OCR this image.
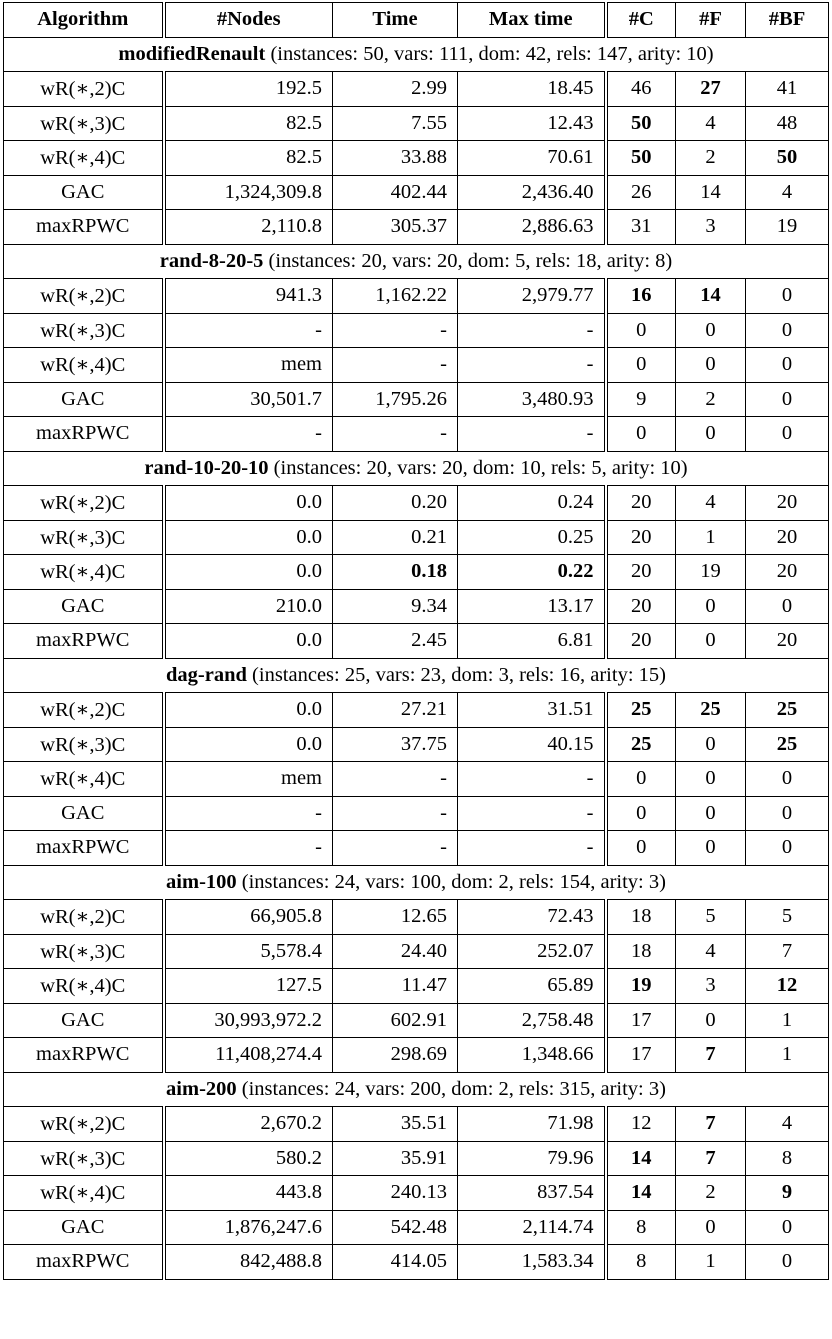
Algorithm	#Nodes	Time	Max time	#C	#F	#BF
modifiedRenault (instances: 50, vars: 111, dom: 42, rels: 147, arity: 10)						
wR(∗,2)C	192.5	2.99	18.45	46	27	41
wR(∗,3)C	82.5	7.55	12.43	50	4	48
wR(∗,4)C	82.5	33.88	70.61	50	2	50
GAC	1,324,309.8	402.44	2,436.40	26	14	4
maxRPWC	2,110.8	305.37	2,886.63	31	3	19
rand-8-20-5 (instances: 20, vars: 20, dom: 5, rels: 18, arity: 8)						
wR(∗,2)C	941.3	1,162.22	2,979.77	16	14	0
wR(∗,3)C	-	-	-	0	0	0
wR(∗,4)C	mem	-	-	0	0	0
GAC	30,501.7	1,795.26	3,480.93	9	2	0
maxRPWC	-	-	-	0	0	0
rand-10-20-10 (instances: 20, vars: 20, dom: 10, rels: 5, arity: 10)						
wR(∗,2)C	0.0	0.20	0.24	20	4	20
wR(∗,3)C	0.0	0.21	0.25	20	1	20
wR(∗,4)C	0.0	0.18	0.22	20	19	20
GAC	210.0	9.34	13.17	20	0	0
maxRPWC	0.0	2.45	6.81	20	0	20
dag-rand (instances: 25, vars: 23, dom: 3, rels: 16, arity: 15)						
wR(∗,2)C	0.0	27.21	31.51	25	25	25
wR(∗,3)C	0.0	37.75	40.15	25	0	25
wR(∗,4)C	mem	-	-	0	0	0
GAC	-	-	-	0	0	0
maxRPWC	-	-	-	0	0	0
aim-100 (instances: 24, vars: 100, dom: 2, rels: 154, arity: 3)						
wR(∗,2)C	66,905.8	12.65	72.43	18	5	5
wR(∗,3)C	5,578.4	24.40	252.07	18	4	7
wR(∗,4)C	127.5	11.47	65.89	19	3	12
GAC	30,993,972.2	602.91	2,758.48	17	0	1
maxRPWC	11,408,274.4	298.69	1,348.66	17	7	1
aim-200 (instances: 24, vars: 200, dom: 2, rels: 315, arity: 3)						
wR(∗,2)C	2,670.2	35.51	71.98	12	7	4
wR(∗,3)C	580.2	35.91	79.96	14	7	8
wR(∗,4)C	443.8	240.13	837.54	14	2	9
GAC	1,876,247.6	542.48	2,114.74	8	0	0
maxRPWC	842,488.8	414.05	1,583.34	8	1	0
